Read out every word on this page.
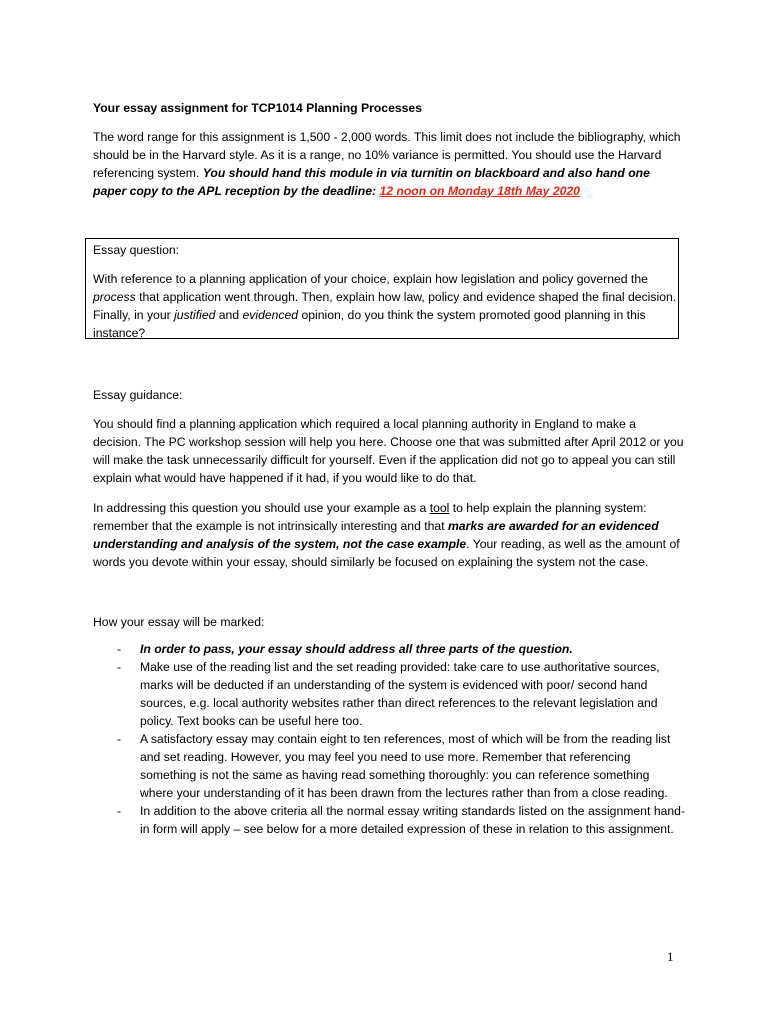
Your essay assignment for TCP1014 Planning Processes

The word range for this assignment is 1,500 - 2,000 words. This limit does not include the bibliography, which should be in the Harvard style. As it is a range, no 10% variance is permitted. You should use the Harvard referencing system. You should hand this module in via turnitin on blackboard and also hand one paper copy to the APL reception by the deadline: 12 noon on Monday 18th May 2020

Essay question:

With reference to a planning application of your choice, explain how legislation and policy governed the process that application went through. Then, explain how law, policy and evidence shaped the final decision. Finally, in your justified and evidenced opinion, do you think the system promoted good planning in this instance?

Essay guidance:

You should find a planning application which required a local planning authority in England to make a decision. The PC workshop session will help you here. Choose one that was submitted after April 2012 or you will make the task unnecessarily difficult for yourself. Even if the application did not go to appeal you can still explain what would have happened if it had, if you would like to do that.

In addressing this question you should use your example as a tool to help explain the planning system: remember that the example is not intrinsically interesting and that marks are awarded for an evidenced understanding and analysis of the system, not the case example. Your reading, as well as the amount of words you devote within your essay, should similarly be focused on explaining the system not the case.

How your essay will be marked:

- In order to pass, your essay should address all three parts of the question.
- Make use of the reading list and the set reading provided: take care to use authoritative sources, marks will be deducted if an understanding of the system is evidenced with poor/ second hand sources, e.g. local authority websites rather than direct references to the relevant legislation and policy. Text books can be useful here too.
- A satisfactory essay may contain eight to ten references, most of which will be from the reading list and set reading. However, you may feel you need to use more. Remember that referencing something is not the same as having read something thoroughly: you can reference something where your understanding of it has been drawn from the lectures rather than from a close reading.
- In addition to the above criteria all the normal essay writing standards listed on the assignment hand-in form will apply – see below for a more detailed expression of these in relation to this assignment.
1
